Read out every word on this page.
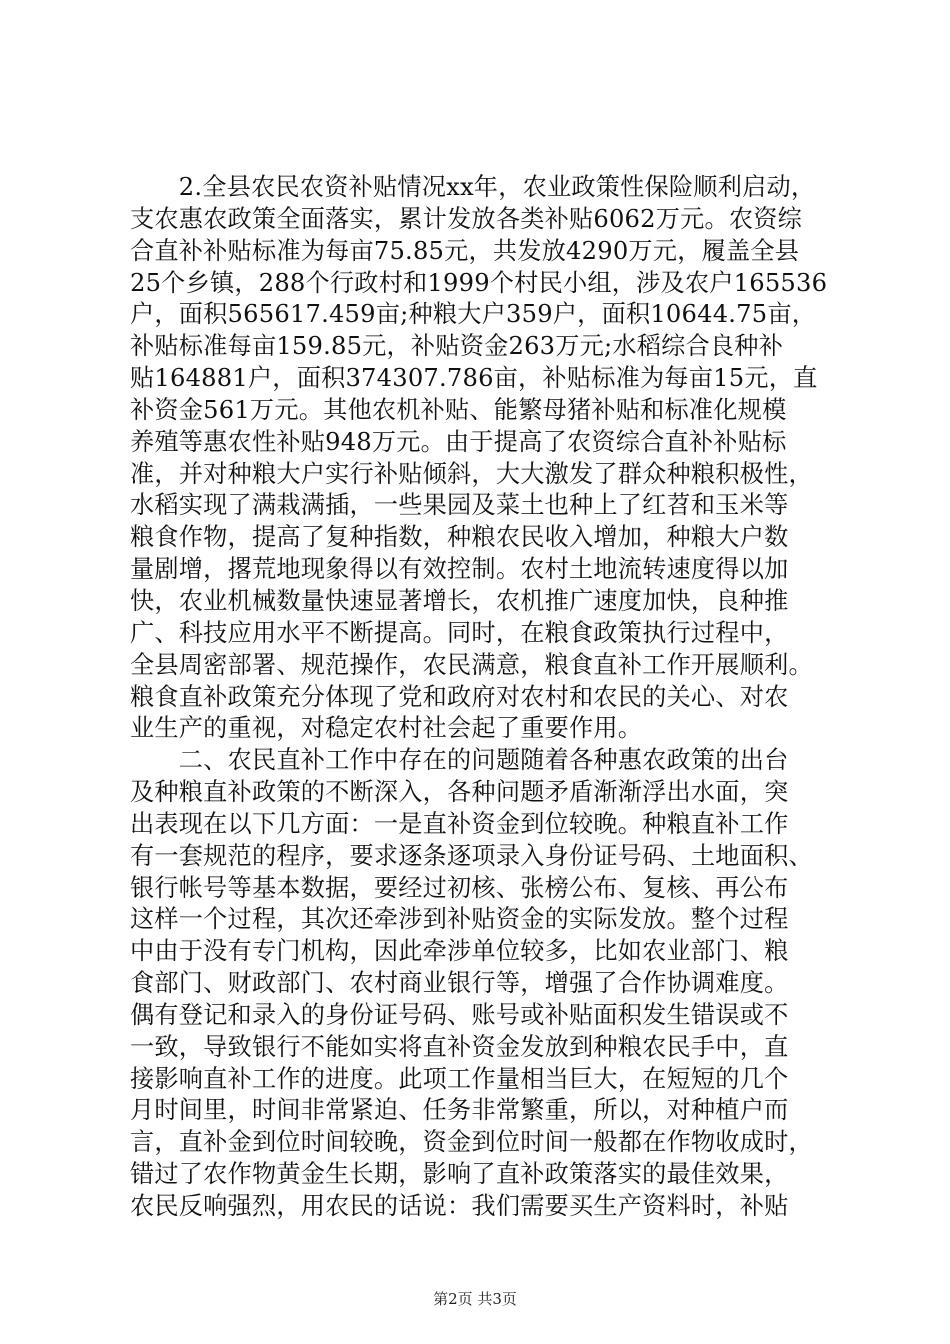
　　2.全县农民农资补贴情况xx年，农业政策性保险顺利启动，
支农惠农政策全面落实，累计发放各类补贴6062万元。农资综
合直补补贴标准为每亩75.85元，共发放4290万元，履盖全县
25个乡镇，288个行政村和1999个村民小组，涉及农户165536
户，面积565617.459亩;种粮大户359户，面积10644.75亩，
补贴标准每亩159.85元，补贴资金263万元;水稻综合良种补
贴164881户，面积374307.786亩，补贴标准为每亩15元，直
补资金561万元。其他农机补贴、能繁母猪补贴和标准化规模
养殖等惠农性补贴948万元。由于提高了农资综合直补补贴标
准，并对种粮大户实行补贴倾斜，大大激发了群众种粮积极性，
水稻实现了满栽满插，一些果园及菜土也种上了红苕和玉米等
粮食作物，提高了复种指数，种粮农民收入增加，种粮大户数
量剧增，撂荒地现象得以有效控制。农村土地流转速度得以加
快，农业机械数量快速显著增长，农机推广速度加快，良种推
广、科技应用水平不断提高。同时，在粮食政策执行过程中，
全县周密部署、规范操作，农民满意，粮食直补工作开展顺利。
粮食直补政策充分体现了党和政府对农村和农民的关心、对农
业生产的重视，对稳定农村社会起了重要作用。
　　二、农民直补工作中存在的问题随着各种惠农政策的出台
及种粮直补政策的不断深入，各种问题矛盾渐渐浮出水面，突
出表现在以下几方面：一是直补资金到位较晚。种粮直补工作
有一套规范的程序，要求逐条逐项录入身份证号码、土地面积、
银行帐号等基本数据，要经过初核、张榜公布、复核、再公布
这样一个过程，其次还牵涉到补贴资金的实际发放。整个过程
中由于没有专门机构，因此牵涉单位较多，比如农业部门、粮
食部门、财政部门、农村商业银行等，增强了合作协调难度。
偶有登记和录入的身份证号码、账号或补贴面积发生错误或不
一致，导致银行不能如实将直补资金发放到种粮农民手中，直
接影响直补工作的进度。此项工作量相当巨大，在短短的几个
月时间里，时间非常紧迫、任务非常繁重，所以，对种植户而
言，直补金到位时间较晚，资金到位时间一般都在作物收成时，
错过了农作物黄金生长期，影响了直补政策落实的最佳效果，
农民反响强烈，用农民的话说：我们需要买生产资料时，补贴
第2页 共3页
